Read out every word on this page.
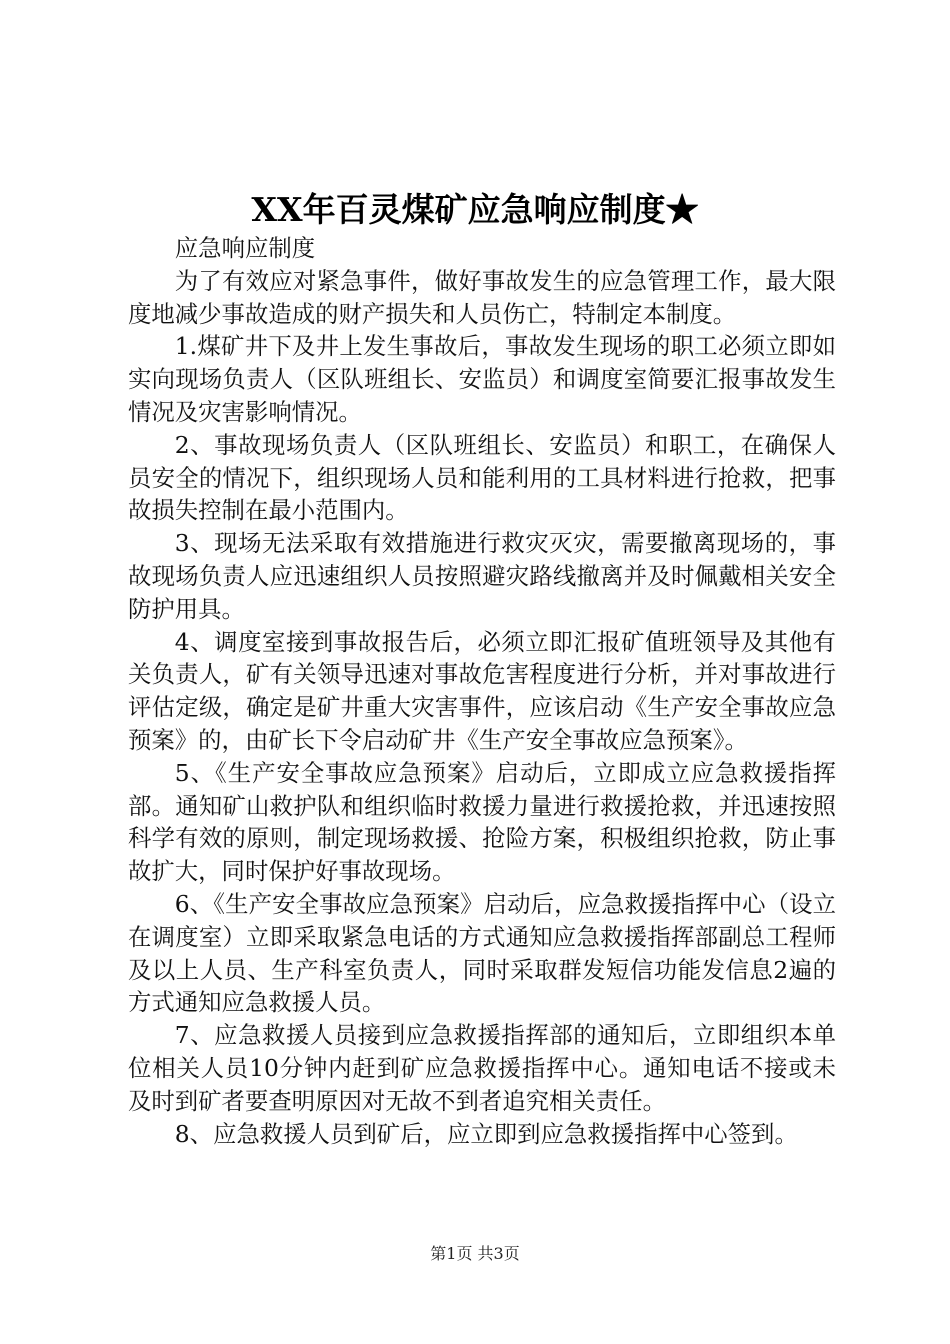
XX年百灵煤矿应急响应制度★

应急响应制度

为了有效应对紧急事件，做好事故发生的应急管理工作，最大限度地减少事故造成的财产损失和人员伤亡，特制定本制度。

1.煤矿井下及井上发生事故后，事故发生现场的职工必须立即如实向现场负责人（区队班组长、安监员）和调度室简要汇报事故发生情况及灾害影响情况。

2、事故现场负责人（区队班组长、安监员）和职工，在确保人员安全的情况下，组织现场人员和能利用的工具材料进行抢救，把事故损失控制在最小范围内。

3、现场无法采取有效措施进行救灾灭灾，需要撤离现场的，事故现场负责人应迅速组织人员按照避灾路线撤离并及时佩戴相关安全防护用具。

4、调度室接到事故报告后，必须立即汇报矿值班领导及其他有关负责人，矿有关领导迅速对事故危害程度进行分析，并对事故进行评估定级，确定是矿井重大灾害事件，应该启动《生产安全事故应急预案》的，由矿长下令启动矿井《生产安全事故应急预案》。

5、《生产安全事故应急预案》启动后，立即成立应急救援指挥部。通知矿山救护队和组织临时救援力量进行救援抢救，并迅速按照科学有效的原则，制定现场救援、抢险方案，积极组织抢救，防止事故扩大，同时保护好事故现场。

6、《生产安全事故应急预案》启动后，应急救援指挥中心（设立在调度室）立即采取紧急电话的方式通知应急救援指挥部副总工程师及以上人员、生产科室负责人，同时采取群发短信功能发信息2遍的方式通知应急救援人员。

7、应急救援人员接到应急救援指挥部的通知后，立即组织本单位相关人员10分钟内赶到矿应急救援指挥中心。通知电话不接或未及时到矿者要查明原因对无故不到者追究相关责任。

8、应急救援人员到矿后，应立即到应急救援指挥中心签到。

第1页 共3页
